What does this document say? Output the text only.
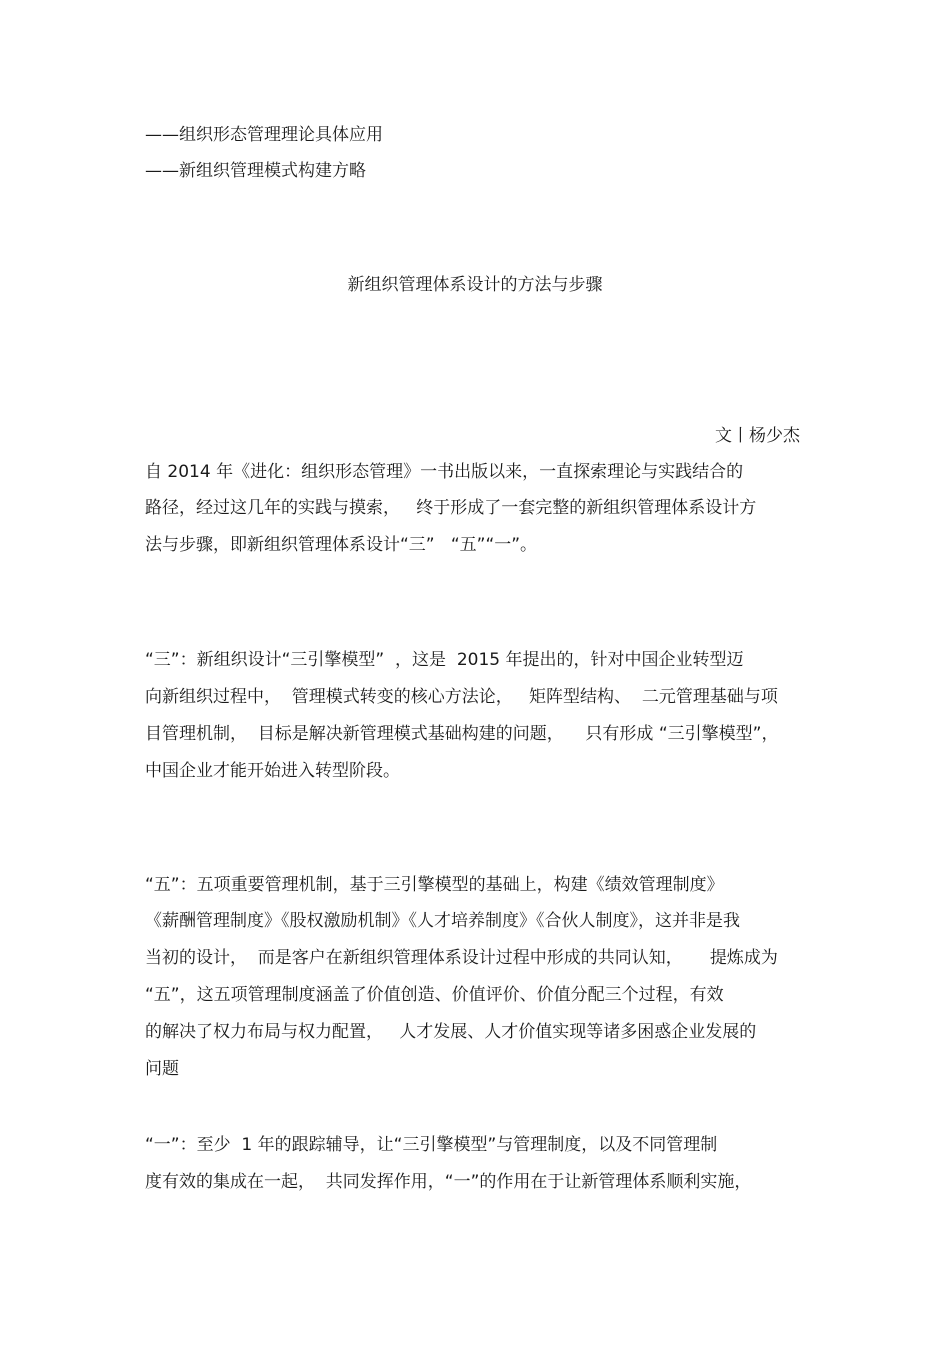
——组织形态管理理论具体应用
——新组织管理模式构建方略
新组织管理体系设计的方法与步骤
文丨杨少杰
自 2014 年《进化：组织形态管理》一书出版以来，一直探索理论与实践结合的
路径，经过这几年的实践与摸索，   终于形成了一套完整的新组织管理体系设计方
法与步骤，即新组织管理体系设计“三”   “五”“一”。
“三”：新组织设计“三引擎模型”  ，这是  2015 年提出的，针对中国企业转型迈
向新组织过程中，  管理模式转变的核心方法论，   矩阵型结构、  二元管理基础与项
目管理机制，  目标是解决新管理模式基础构建的问题，    只有形成 “三引擎模型”，
中国企业才能开始进入转型阶段。
“五”：五项重要管理机制，基于三引擎模型的基础上，构建《绩效管理制度》
《薪酬管理制度》《股权激励机制》《人才培养制度》《合伙人制度》，这并非是我
当初的设计，  而是客户在新组织管理体系设计过程中形成的共同认知，     提炼成为
“五”，这五项管理制度涵盖了价值创造、价值评价、价值分配三个过程，有效
的解决了权力布局与权力配置，   人才发展、人才价值实现等诸多困惑企业发展的
问题
“一”：至少  1 年的跟踪辅导，让“三引擎模型”与管理制度，以及不同管理制
度有效的集成在一起，  共同发挥作用，“一”的作用在于让新管理体系顺利实施，
